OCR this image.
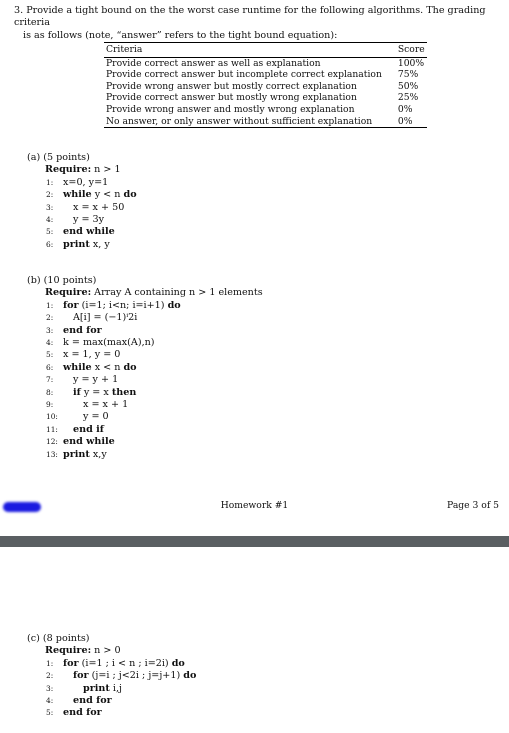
3. Provide a tight bound on the the worst case runtime for the following algorithms. The grading criteria

is as follows (note, “answer” refers to the tight bound equation):

Criteria	Score
Provide correct answer as well as explanation	100%
Provide correct answer but incomplete correct explanation	75%
Provide wrong answer but mostly correct explanation	50%
Provide correct answer but mostly wrong explanation	25%
Provide wrong answer and mostly wrong explanation	0%
No answer, or only answer without sufficient explanation	0%
(a) (5 points)
Require: n > 1
1: x=0, y=1
2: while y < n do
3: x = x + 50
4: y = 3y
5: end while
6: print x, y
(b) (10 points)
Require: Array A containing n > 1 elements
1: for (i=1; i<n; i=i+1) do
2: A[i] = (−1)ⁱ2i
3: end for
4: k = max(max(A),n)
5: x = 1, y = 0
6: while x < n do
7: y = y + 1
8: if y = x then
9:	x = x + 1
10:	y = 0
11: end if
12: end while
13: print x,y
Homework #1	Page 3 of 5
(c) (8 points)
Require: n > 0
1: for (i=1 ; i < n ; i=2i) do
2: for (j=i ; j<2i ; j=j+1) do
3:	print i,j
4: end for
5: end for
